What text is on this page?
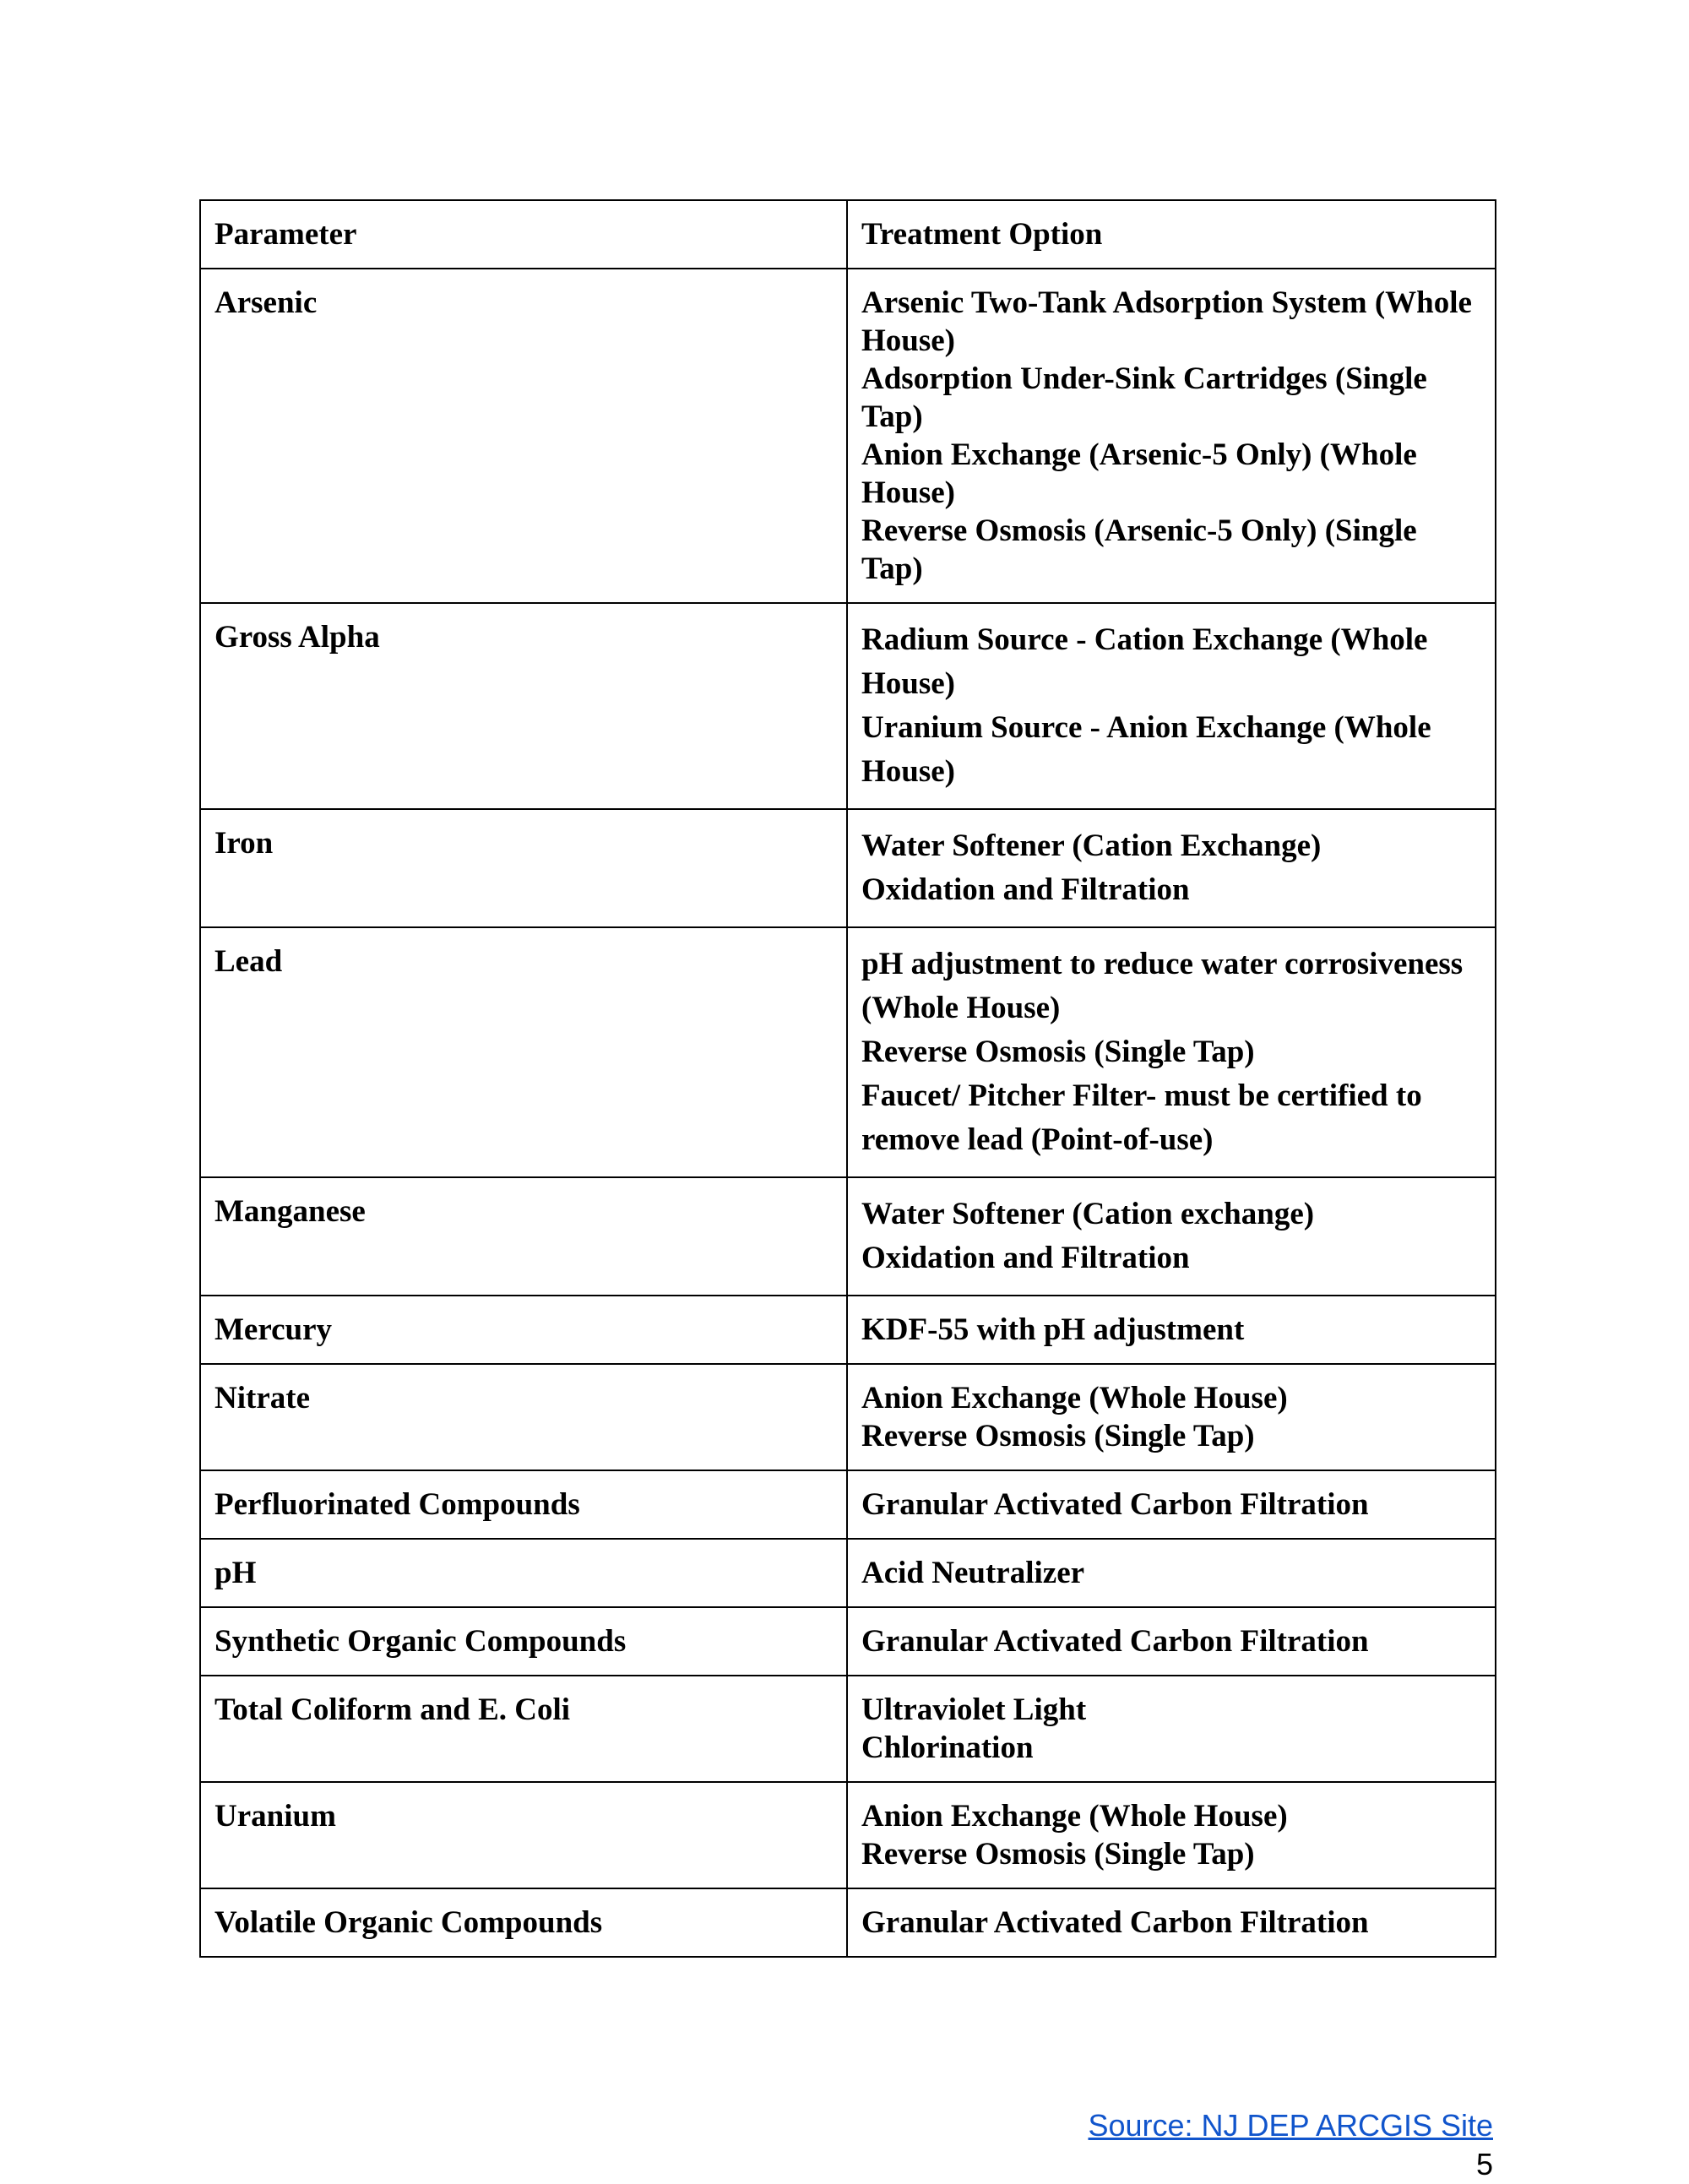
Parameter	Treatment Option
Arsenic	Arsenic Two-Tank Adsorption System (Whole House)
Adsorption Under-Sink Cartridges (Single Tap)
Anion Exchange (Arsenic-5 Only) (Whole House)
Reverse Osmosis (Arsenic-5 Only) (Single Tap)

Gross Alpha	Radium Source - Cation Exchange (Whole House)
Uranium Source - Anion Exchange (Whole House)

Iron	Water Softener (Cation Exchange)
Oxidation and Filtration

Lead	pH adjustment to reduce water corrosiveness (Whole House)
Reverse Osmosis (Single Tap)
Faucet/ Pitcher Filter- must be certified to remove lead (Point-of-use)

Manganese	Water Softener (Cation exchange)
Oxidation and Filtration

Mercury	KDF-55 with pH adjustment

Nitrate	Anion Exchange (Whole House)
Reverse Osmosis (Single Tap)

Perfluorinated Compounds	Granular Activated Carbon Filtration

pH	Acid Neutralizer

Synthetic Organic Compounds	Granular Activated Carbon Filtration

Total Coliform and E. Coli	Ultraviolet Light
Chlorination

Uranium	Anion Exchange (Whole House)
Reverse Osmosis (Single Tap)

Volatile Organic Compounds	Granular Activated Carbon Filtration
Source: NJ DEP ARCGIS Site
5
